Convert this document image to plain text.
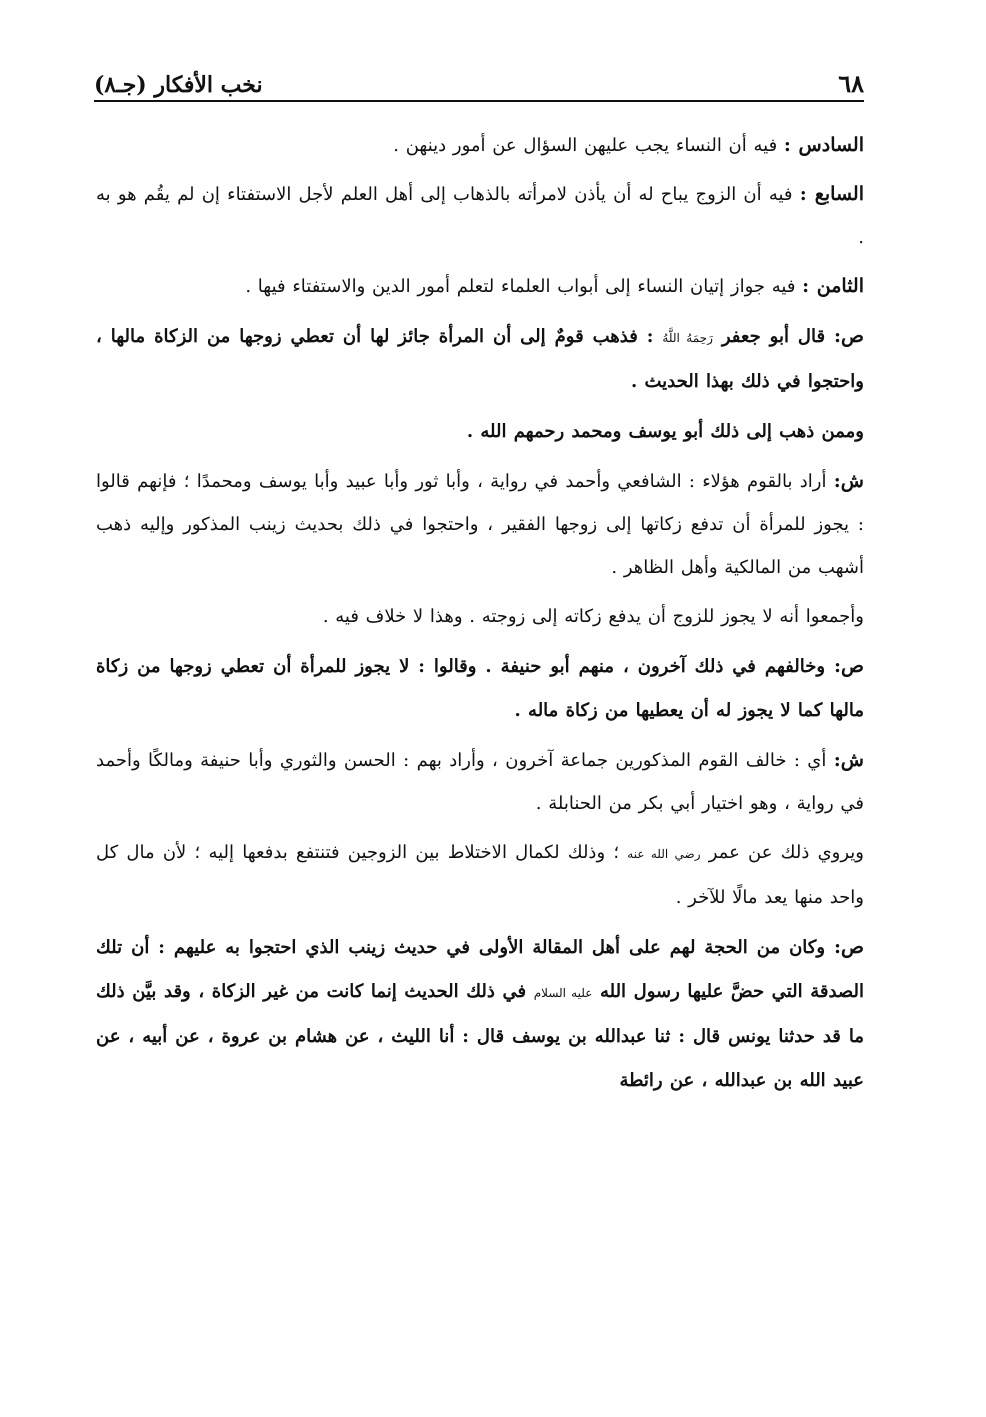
٦٨
نخب الأفكار (جـ٨)

السادس : فيه أن النساء يجب عليهن السؤال عن أمور دينهن .

السابع : فيه أن الزوج يباح له أن يأذن لامرأته بالذهاب إلى أهل العلم لأجل الاستفتاء إن لم يقُم هو به .

الثامن : فيه جواز إتيان النساء إلى أبواب العلماء لتعلم أمور الدين والاستفتاء فيها .

ص: قال أبو جعفر رَحِمَهُ اللَّهُ : فذهب قومٌ إلى أن المرأة جائز لها أن تعطي زوجها من الزكاة مالها ، واحتجوا في ذلك بهذا الحديث .

وممن ذهب إلى ذلك أبو يوسف ومحمد رحمهم الله .

ش: أراد بالقوم هؤلاء : الشافعي وأحمد في رواية ، وأبا ثور وأبا عبيد وأبا يوسف ومحمدًا ؛ فإنهم قالوا : يجوز للمرأة أن تدفع زكاتها إلى زوجها الفقير ، واحتجوا في ذلك بحديث زينب المذكور وإليه ذهب أشهب من المالكية وأهل الظاهر .

وأجمعوا أنه لا يجوز للزوج أن يدفع زكاته إلى زوجته . وهذا لا خلاف فيه .

ص: وخالفهم في ذلك آخرون ، منهم أبو حنيفة . وقالوا : لا يجوز للمرأة أن تعطي زوجها من زكاة مالها كما لا يجوز له أن يعطيها من زكاة ماله .

ش: أي : خالف القوم المذكورين جماعة آخرون ، وأراد بهم : الحسن والثوري وأبا حنيفة ومالكًا وأحمد في رواية ، وهو اختيار أبي بكر من الحنابلة .

ويروي ذلك عن عمر رضي الله عنه ؛ وذلك لكمال الاختلاط بين الزوجين فتنتفع بدفعها إليه ؛ لأن مال كل واحد منها يعد مالًا للآخر .

ص: وكان من الحجة لهم على أهل المقالة الأولى في حديث زينب الذي احتجوا به عليهم : أن تلك الصدقة التي حضَّ عليها رسول الله عليه السلام في ذلك الحديث إنما كانت من غير الزكاة ، وقد بيَّن ذلك ما قد حدثنا يونس قال : ثنا عبدالله بن يوسف قال : أنا الليث ، عن هشام بن عروة ، عن أبيه ، عن عبيد الله بن عبدالله ، عن رائطة
